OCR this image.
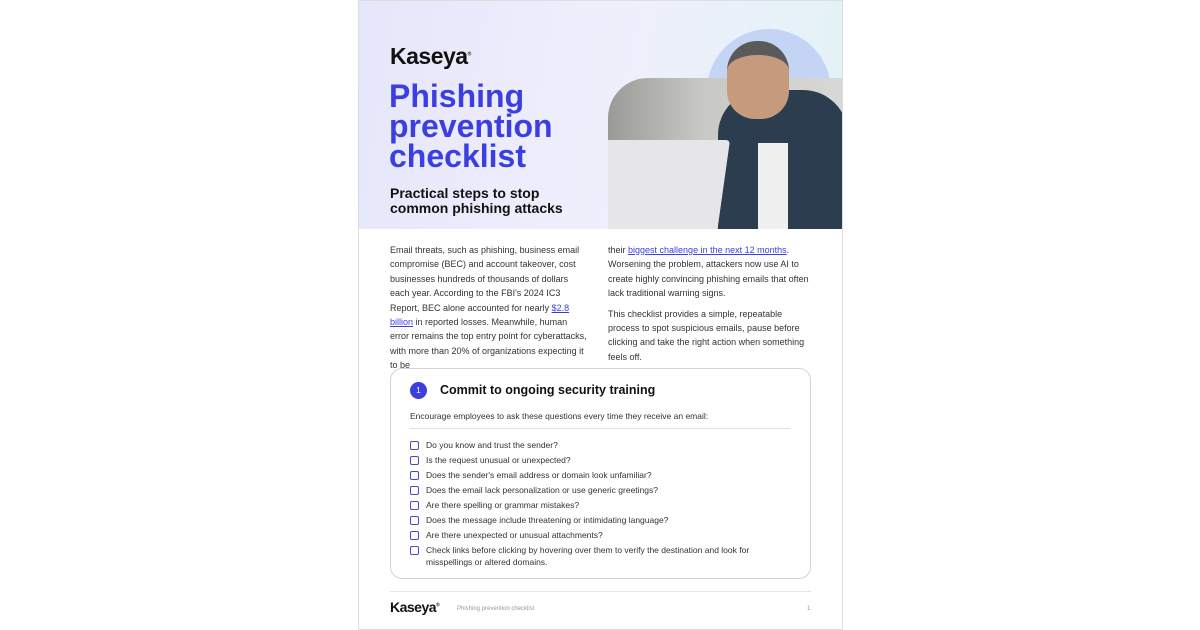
Kaseya®
Phishing prevention checklist
Practical steps to stop common phishing attacks

Email threats, such as phishing, business email compromise (BEC) and account takeover, cost businesses hundreds of thousands of dollars each year. According to the FBI's 2024 IC3 Report, BEC alone accounted for nearly $2.8 billion in reported losses. Meanwhile, human error remains the top entry point for cyberattacks, with more than 20% of organizations expecting it to be

their biggest challenge in the next 12 months. Worsening the problem, attackers now use AI to create highly convincing phishing emails that often lack traditional warning signs.

This checklist provides a simple, repeatable process to spot suspicious emails, pause before clicking and take the right action when something feels off.

1	Commit to ongoing security training
Encourage employees to ask these questions every time they receive an email:
Do you know and trust the sender?
Is the request unusual or unexpected?
Does the sender's email address or domain look unfamiliar?
Does the email lack personalization or use generic greetings?
Are there spelling or grammar mistakes?
Does the message include threatening or intimidating language?
Are there unexpected or unusual attachments?
Check links before clicking by hovering over them to verify the destination and look for misspellings or altered domains.
Kaseya®
Phishing prevention checklist	1
